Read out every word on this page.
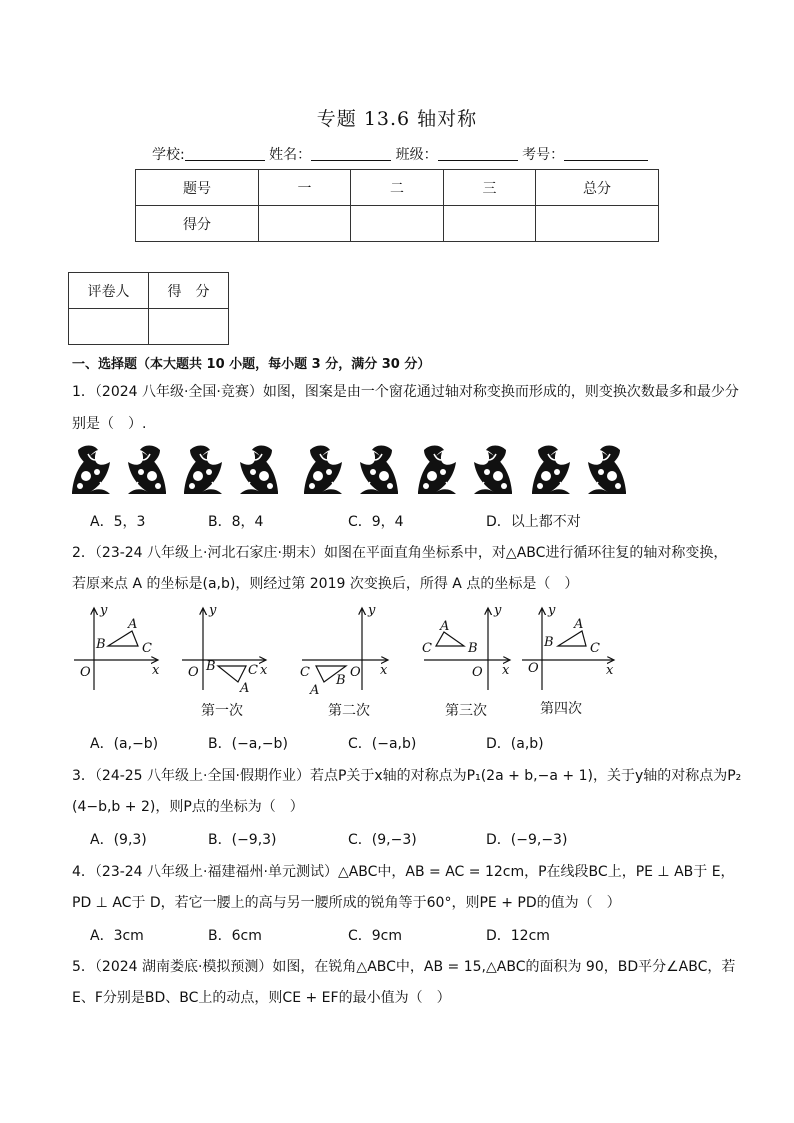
专题 13.6 轴对称
学校:	姓名：	班级：	考号：
题号	一	二	三	总分
得分				
评卷人	得　分

一、选择题（本大题共 10 小题，每小题 3 分，满分 30 分）
1．（2024 八年级·全国·竞赛）如图，图案是由一个窗花通过轴对称变换而形成的，则变换次数最多和最少分
别是（　）.
A．5，3	B．8，4	C．9，4	D．以上都不对
2．（23-24 八年级上·河北石家庄·期末）如图在平面直角坐标系中，对△ABC进行循环往复的轴对称变换，
若原来点 A 的坐标是(a,b)，则经过第 2019 次变换后，所得 A 点的坐标是（　）
y
x
O
B
A
C
y
x
O B C
A
y
x
O
C
B
A
y
x
O
C	B
A
y
x
O
B
A
C
第一次	第二次	第三次	第四次
A．(a,−b)	B．(−a,−b)	C．(−a,b)	D．(a,b)
3．（24-25 八年级上·全国·假期作业）若点P关于x轴的对称点为P₁(2a + b,−a + 1)，关于y轴的对称点为P₂
(4−b,b + 2)，则P点的坐标为（　）
A．(9,3)	B．(−9,3)	C．(9,−3)	D．(−9,−3)
4．（23-24 八年级上·福建福州·单元测试）△ABC中，AB = AC = 12cm，P在线段BC上，PE ⊥ AB于 E，
PD ⊥ AC于 D，若它一腰上的高与另一腰所成的锐角等于60°，则PE + PD的值为（　）
A．3cm	B．6cm	C．9cm	D．12cm
5．（2024 湖南娄底·模拟预测）如图，在锐角△ABC中，AB = 15,△ABC的面积为 90，BD平分∠ABC，若
E、F分别是BD、BC上的动点，则CE + EF的最小值为（　）
